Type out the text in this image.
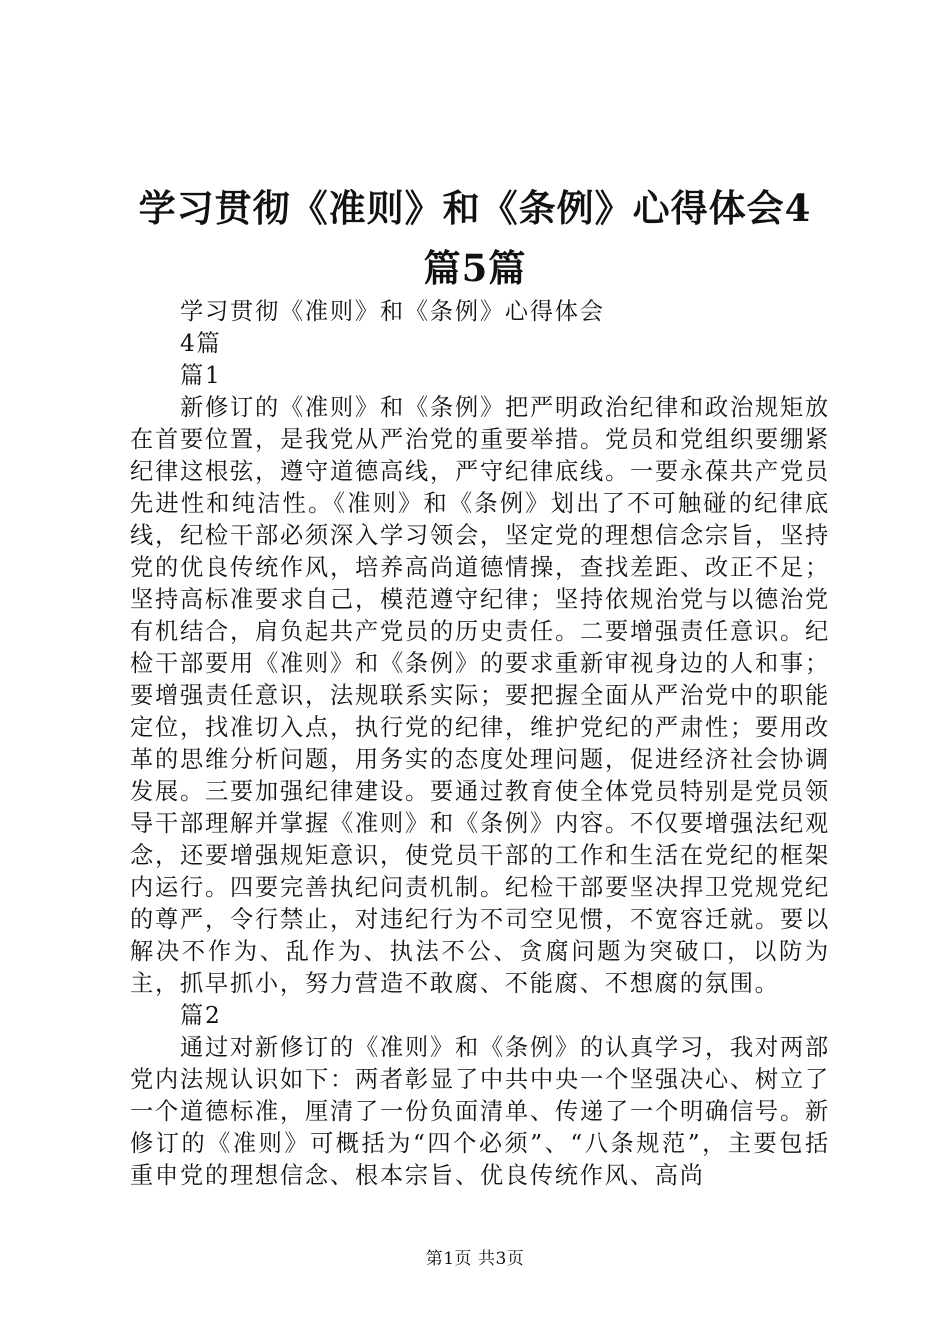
学习贯彻《准则》和《条例》心得体会4篇5篇
学习贯彻《准则》和《条例》心得体会
4篇
篇1
新修订的《准则》和《条例》把严明政治纪律和政治规矩放在首要位置，是我党从严治党的重要举措。党员和党组织要绷紧纪律这根弦，遵守道德高线，严守纪律底线。一要永葆共产党员先进性和纯洁性。《准则》和《条例》划出了不可触碰的纪律底线，纪检干部必须深入学习领会，坚定党的理想信念宗旨，坚持党的优良传统作风，培养高尚道德情操，查找差距、改正不足；坚持高标准要求自己，模范遵守纪律；坚持依规治党与以德治党有机结合，肩负起共产党员的历史责任。二要增强责任意识。纪检干部要用《准则》和《条例》的要求重新审视身边的人和事；要增强责任意识，法规联系实际；要把握全面从严治党中的职能定位，找准切入点，执行党的纪律，维护党纪的严肃性；要用改革的思维分析问题，用务实的态度处理问题，促进经济社会协调发展。三要加强纪律建设。要通过教育使全体党员特别是党员领导干部理解并掌握《准则》和《条例》内容。不仅要增强法纪观念，还要增强规矩意识，使党员干部的工作和生活在党纪的框架内运行。四要完善执纪问责机制。纪检干部要坚决捍卫党规党纪的尊严，令行禁止，对违纪行为不司空见惯，不宽容迁就。要以解决不作为、乱作为、执法不公、贪腐问题为突破口，以防为主，抓早抓小，努力营造不敢腐、不能腐、不想腐的氛围。
篇2
通过对新修订的《准则》和《条例》的认真学习，我对两部党内法规认识如下：两者彰显了中共中央一个坚强决心、树立了一个道德标准，厘清了一份负面清单、传递了一个明确信号。新修订的《准则》可概括为“四个必须”、“八条规范”，主要包括重申党的理想信念、根本宗旨、优良传统作风、高尚
第1页 共3页
